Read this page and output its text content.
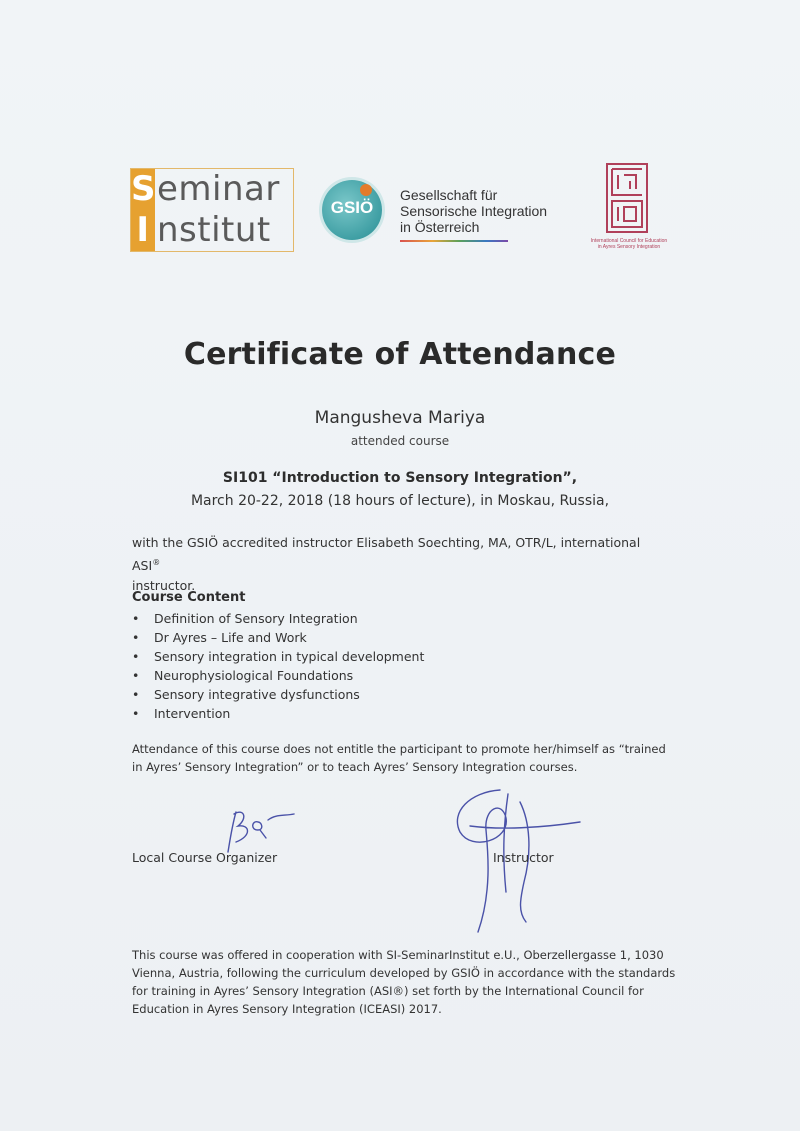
Seminar
I nstitut
GSIÖ
Gesellschaft für
Sensorische Integration
in Österreich
International Council for Education
in Ayres Sensory Integration
Certificate of Attendance
Mangusheva Mariya
attended course
SI101 “Introduction to Sensory Integration”,
March 20-22, 2018 (18 hours of lecture), in Moskau, Russia,
with the GSIÖ accredited instructor Elisabeth Soechting, MA, OTR/L, international ASI®
instructor.
Course Content
• Definition of Sensory Integration
• Dr Ayres – Life and Work
• Sensory integration in typical development
• Neurophysiological Foundations
• Sensory integrative dysfunctions
• Intervention
Attendance of this course does not entitle the participant to promote her/himself as “trained in Ayres’ Sensory Integration” or to teach Ayres’ Sensory Integration courses.
Local Course Organizer	Instructor
This course was offered in cooperation with SI-SeminarInstitut e.U., Oberzellergasse 1, 1030 Vienna, Austria, following the curriculum developed by GSIÖ in accordance with the standards for training in Ayres’ Sensory Integration (ASI®) set forth by the International Council for Education in Ayres Sensory Integration (ICEASI) 2017.
